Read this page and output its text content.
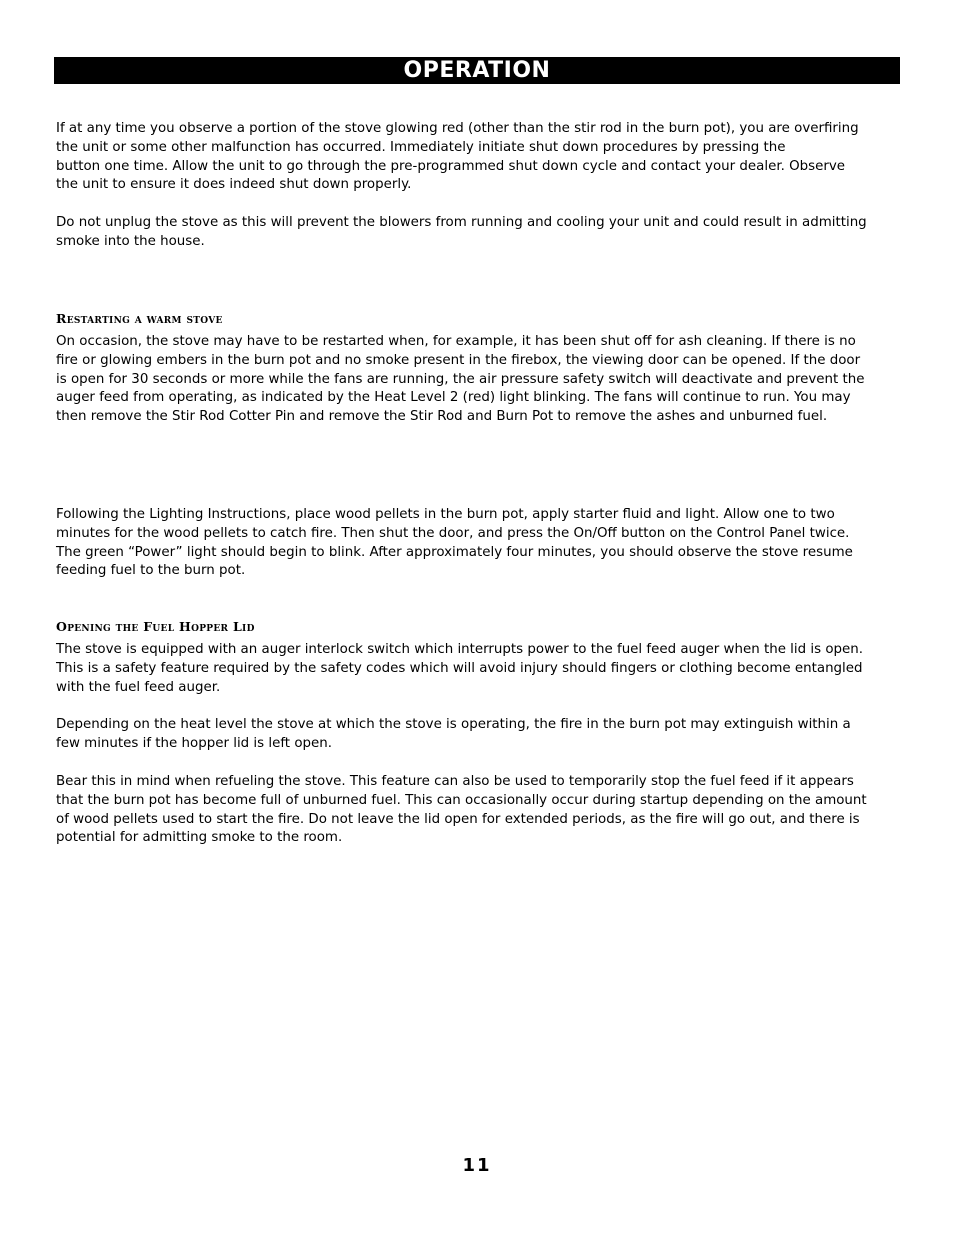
OPERATION

If at any time you observe a portion of the stove glowing red (other than the stir rod in the burn pot), you are overfiring
the unit or some other malfunction has occurred. Immediately initiate shut down procedures by pressing the
button one time. Allow the unit to go through the pre-programmed shut down cycle and contact your dealer. Observe
the unit to ensure it does indeed shut down properly.

Do not unplug the stove as this will prevent the blowers from running and cooling your unit and could result in admitting
smoke into the house.

Restarting a warm stove

On occasion, the stove may have to be restarted when, for example, it has been shut off for ash cleaning. If there is no
fire or glowing embers in the burn pot and no smoke present in the firebox, the viewing door can be opened. If the door
is open for 30 seconds or more while the fans are running, the air pressure safety switch will deactivate and prevent the
auger feed from operating, as indicated by the Heat Level 2 (red) light blinking. The fans will continue to run. You may
then remove the Stir Rod Cotter Pin and remove the Stir Rod and Burn Pot to remove the ashes and unburned fuel.

Following the Lighting Instructions, place wood pellets in the burn pot, apply starter fluid and light. Allow one to two
minutes for the wood pellets to catch fire. Then shut the door, and press the On/Off button on the Control Panel twice.
The green “Power” light should begin to blink. After approximately four minutes, you should observe the stove resume
feeding fuel to the burn pot.

Opening the Fuel Hopper Lid

The stove is equipped with an auger interlock switch which interrupts power to the fuel feed auger when the lid is open.
This is a safety feature required by the safety codes which will avoid injury should fingers or clothing become entangled
with the fuel feed auger.

Depending on the heat level the stove at which the stove is operating, the fire in the burn pot may extinguish within a
few minutes if the hopper lid is left open.

Bear this in mind when refueling the stove. This feature can also be used to temporarily stop the fuel feed if it appears
that the burn pot has become full of unburned fuel. This can occasionally occur during startup depending on the amount
of wood pellets used to start the fire. Do not leave the lid open for extended periods, as the fire will go out, and there is
potential for admitting smoke to the room.

11
